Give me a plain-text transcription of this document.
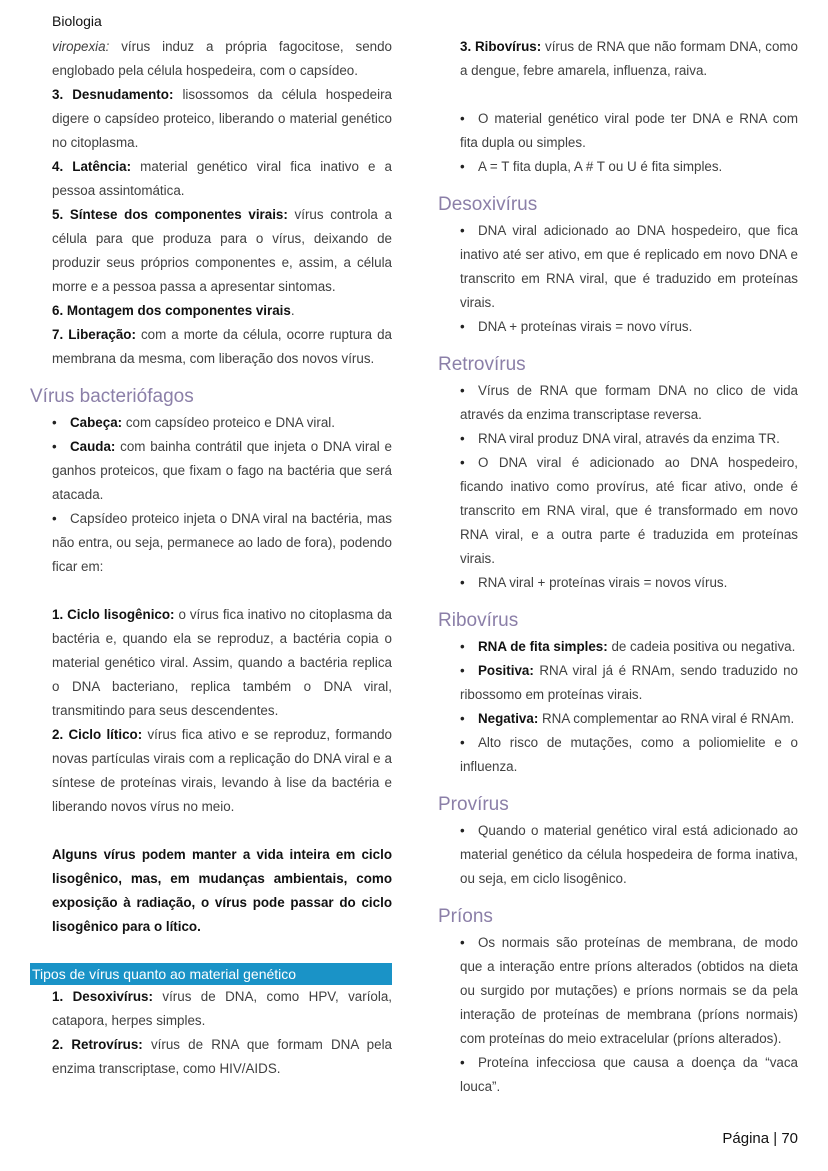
Biologia

viropexia: vírus induz a própria fagocitose, sendo englobado pela célula hospedeira, com o capsídeo.

3. Desnudamento: lisossomos da célula hospedeira digere o capsídeo proteico, liberando o material genético no citoplasma.

4. Latência: material genético viral fica inativo e a pessoa assintomática.

5. Síntese dos componentes virais: vírus controla a célula para que produza para o vírus, deixando de produzir seus próprios componentes e, assim, a célula morre e a pessoa passa a apresentar sintomas.

6. Montagem dos componentes virais.

7. Liberação: com a morte da célula, ocorre ruptura da membrana da mesma, com liberação dos novos vírus.

Vírus bacteriófagos

• Cabeça: com capsídeo proteico e DNA viral.

• Cauda: com bainha contrátil que injeta o DNA viral e ganhos proteicos, que fixam o fago na bactéria que será atacada.

• Capsídeo proteico injeta o DNA viral na bactéria, mas não entra, ou seja, permanece ao lado de fora), podendo ficar em:

1. Ciclo lisogênico: o vírus fica inativo no citoplasma da bactéria e, quando ela se reproduz, a bactéria copia o material genético viral. Assim, quando a bactéria replica o DNA bacteriano, replica também o DNA viral, transmitindo para seus descendentes.

2. Ciclo lítico: vírus fica ativo e se reproduz, formando novas partículas virais com a replicação do DNA viral e a síntese de proteínas virais, levando à lise da bactéria e liberando novos vírus no meio.

Alguns vírus podem manter a vida inteira em ciclo lisogênico, mas, em mudanças ambientais, como exposição à radiação, o vírus pode passar do ciclo lisogênico para o lítico.

Tipos de vírus quanto ao material genético

1. Desoxivírus: vírus de DNA, como HPV, varíola, catapora, herpes simples.

2. Retrovírus: vírus de RNA que formam DNA pela enzima transcriptase, como HIV/AIDS.

3. Ribovírus: vírus de RNA que não formam DNA, como a dengue, febre amarela, influenza, raiva.

• O material genético viral pode ter DNA e RNA com fita dupla ou simples.

• A = T fita dupla, A # T ou U é fita simples.

Desoxivírus

• DNA viral adicionado ao DNA hospedeiro, que fica inativo até ser ativo, em que é replicado em novo DNA e transcrito em RNA viral, que é traduzido em proteínas virais.

• DNA + proteínas virais = novo vírus.

Retrovírus

• Vírus de RNA que formam DNA no clico de vida através da enzima transcriptase reversa.

• RNA viral produz DNA viral, através da enzima TR.

• O DNA viral é adicionado ao DNA hospedeiro, ficando inativo como provírus, até ficar ativo, onde é transcrito em RNA viral, que é transformado em novo RNA viral, e a outra parte é traduzida em proteínas virais.

• RNA viral + proteínas virais = novos vírus.

Ribovírus

• RNA de fita simples: de cadeia positiva ou negativa.

• Positiva: RNA viral já é RNAm, sendo traduzido no ribossomo em proteínas virais.

• Negativa: RNA complementar ao RNA viral é RNAm.

• Alto risco de mutações, como a poliomielite e o influenza.

Provírus

• Quando o material genético viral está adicionado ao material genético da célula hospedeira de forma inativa, ou seja, em ciclo lisogênico.

Príons

• Os normais são proteínas de membrana, de modo que a interação entre príons alterados (obtidos na dieta ou surgido por mutações) e príons normais se da pela interação de proteínas de membrana (príons normais) com proteínas do meio extracelular (príons alterados).

• Proteína infecciosa que causa a doença da “vaca louca”.

Página | 70
